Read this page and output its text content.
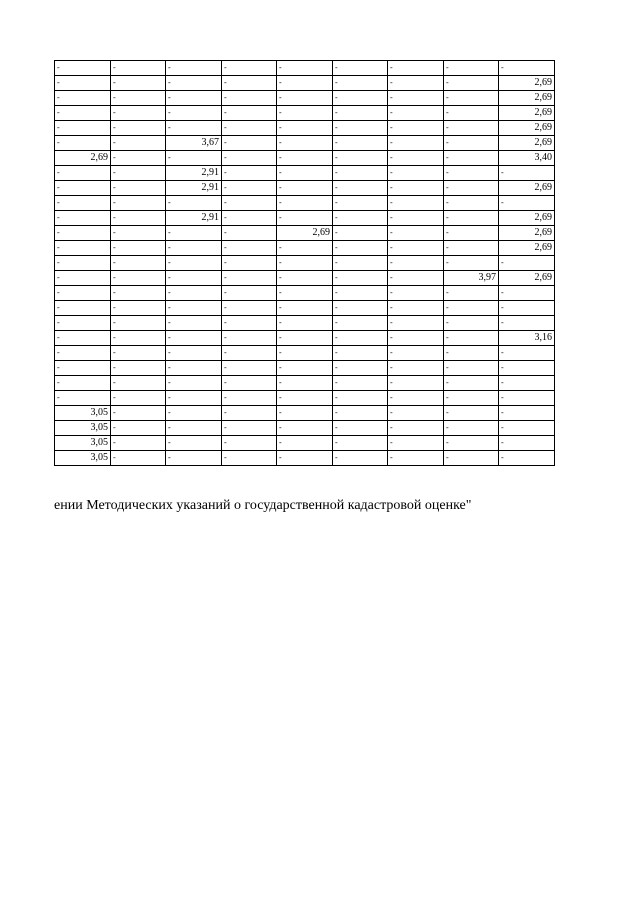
-	-	-	-	-	-	-	-	-
-	-	-	-	-	-	-	-	2,69
-	-	-	-	-	-	-	-	2,69
-	-	-	-	-	-	-	-	2,69
-	-	-	-	-	-	-	-	2,69
-	-	3,67	-	-	-	-	-	2,69
2,69	-	-	-	-	-	-	-	3,40
-	-	2,91	-	-	-	-	-	-
-	-	2,91	-	-	-	-	-	2,69
-	-	-	-	-	-	-	-	-
-	-	2,91	-	-	-	-	-	2,69
-	-	-	-	2,69	-	-	-	2,69
-	-	-	-	-	-	-	-	2,69
-	-	-	-	-	-	-	-	-
-	-	-	-	-	-	-	3,97	2,69
-	-	-	-	-	-	-	-	-
-	-	-	-	-	-	-	-	-
-	-	-	-	-	-	-	-	-
-	-	-	-	-	-	-	-	3,16
-	-	-	-	-	-	-	-	-
-	-	-	-	-	-	-	-	-
-	-	-	-	-	-	-	-	-
-	-	-	-	-	-	-	-	-
3,05	-	-	-	-	-	-	-	-
3,05	-	-	-	-	-	-	-	-
3,05	-	-	-	-	-	-	-	-
3,05	-	-	-	-	-	-	-	-
ении Методических указаний о государственной кадастровой оценке"
